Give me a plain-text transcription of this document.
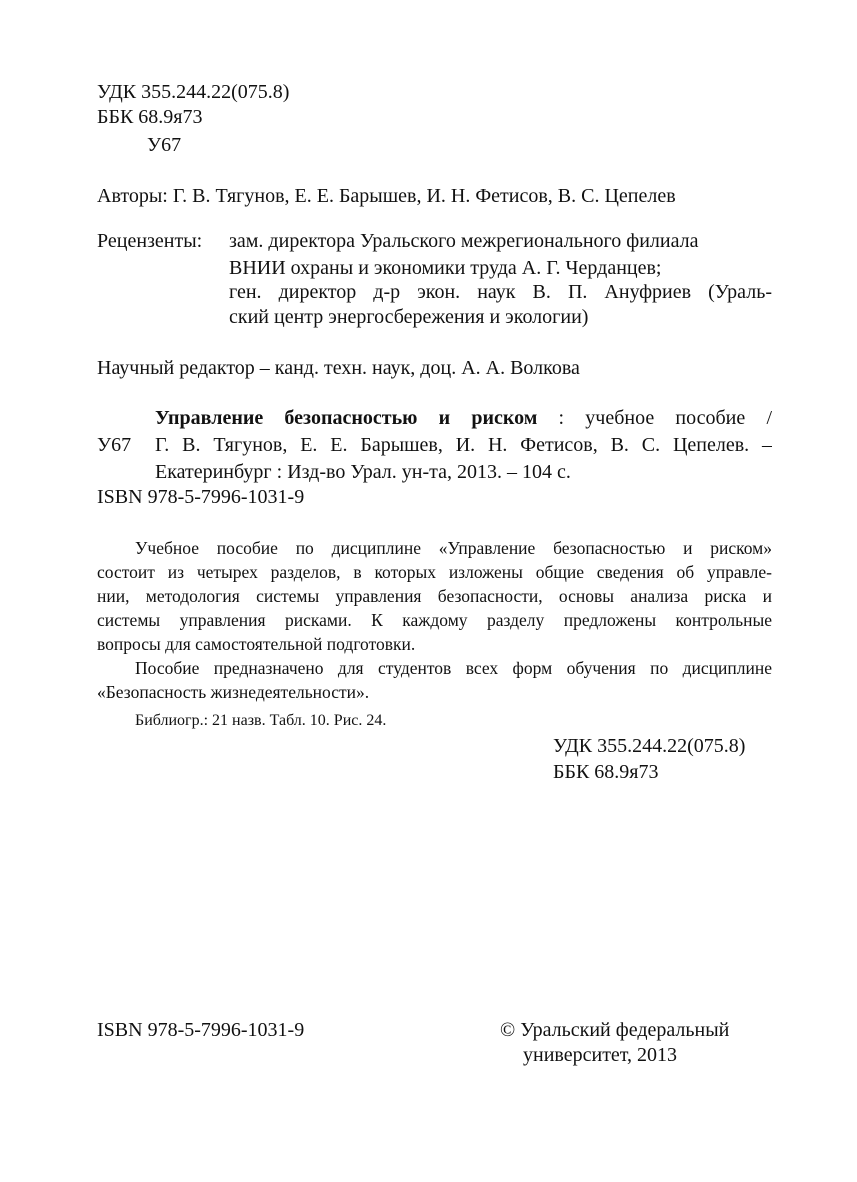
УДК 355.244.22(075.8)
ББК 68.9я73
У67
Авторы: Г. В. Тягунов, Е. Е. Барышев, И. Н. Фетисов, В. С. Цепелев
Рецензенты: зам. директора Уральского межрегионального филиала
ВНИИ охраны и экономики труда А. Г. Черданцев;
ген. директор д-р экон. наук В. П. Ануфриев (Ураль-
ский центр энергосбережения и экологии)
Научный редактор – канд. техн. наук, доц. А. А. Волкова
Управление безопасностью и риском : учебное пособие /
У67 Г. В. Тягунов, Е. Е. Барышев, И. Н. Фетисов, В. С. Цепелев. –
Екатеринбург : Изд-во Урал. ун-та, 2013. – 104 с.
ISBN 978-5-7996-1031-9
Учебное пособие по дисциплине «Управление безопасностью и риском»
состоит из четырех разделов, в которых изложены общие сведения об управле-
нии, методология системы управления безопасности, основы анализа риска и
системы управления рисками. К каждому разделу предложены контрольные
вопросы для самостоятельной подготовки.
Пособие предназначено для студентов всех форм обучения по дисциплине
«Безопасность жизнедеятельности».
Библиогр.: 21 назв. Табл. 10. Рис. 24.
УДК 355.244.22(075.8)
ББК 68.9я73
ISBN 978-5-7996-1031-9	© Уральский федеральный
университет, 2013
